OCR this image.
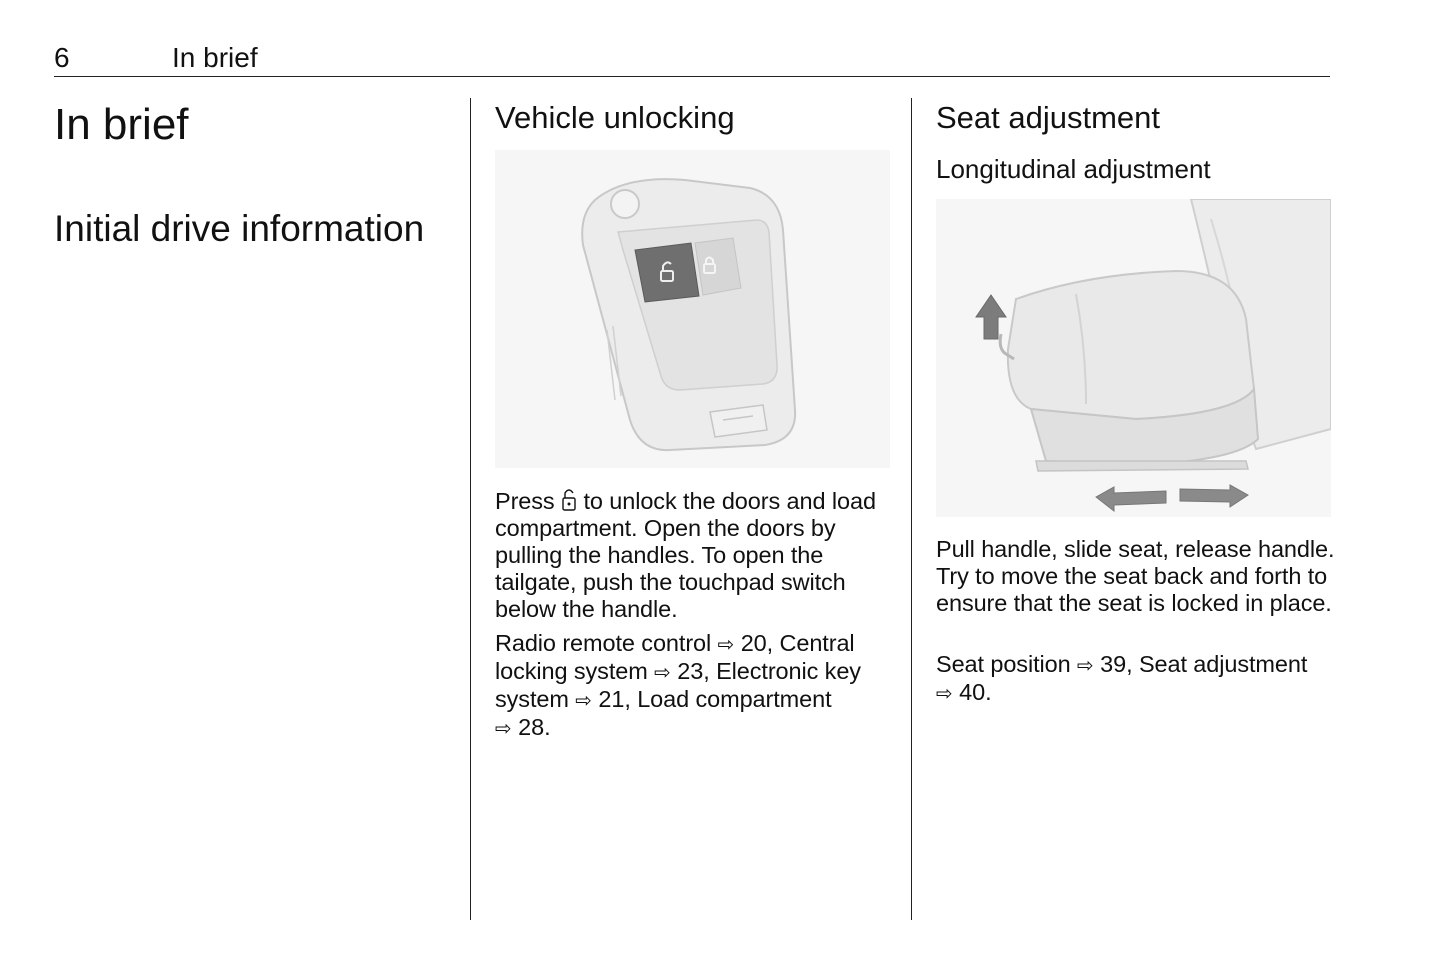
6	In brief
In brief
Initial drive information
Vehicle unlocking

Press to unlock the doors and load compartment. Open the doors by pulling the handles. To open the tailgate, push the touchpad switch below the handle.

Radio remote control ⇨ 20, Central locking system ⇨ 23, Electronic key system ⇨ 21, Load compartment
⇨ 28.

Seat adjustment
Longitudinal adjustment

Pull handle, slide seat, release handle. Try to move the seat back and forth to ensure that the seat is locked in place.

Seat position ⇨ 39, Seat adjustment
⇨ 40.
